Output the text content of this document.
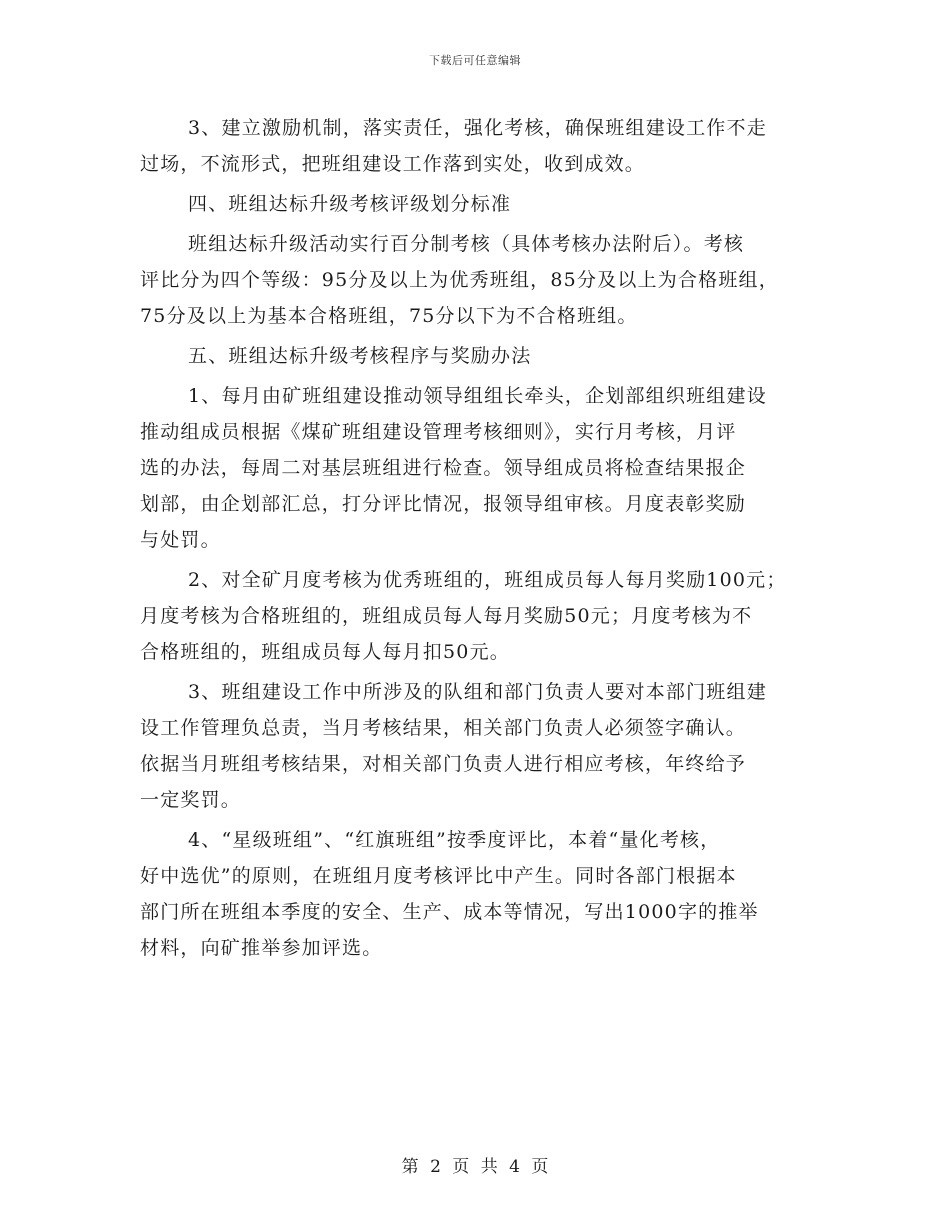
下载后可任意编辑

3、建立激励机制，落实责任，强化考核，确保班组建设工作不走
过场，不流形式，把班组建设工作落到实处，收到成效。

四、班组达标升级考核评级划分标准

班组达标升级活动实行百分制考核（具体考核办法附后）。考核
评比分为四个等级：95分及以上为优秀班组，85分及以上为合格班组，
75分及以上为基本合格班组，75分以下为不合格班组。

五、班组达标升级考核程序与奖励办法

1、每月由矿班组建设推动领导组组长牵头，企划部组织班组建设
推动组成员根据《煤矿班组建设管理考核细则》，实行月考核，月评
选的办法，每周二对基层班组进行检查。领导组成员将检查结果报企
划部，由企划部汇总，打分评比情况，报领导组审核。月度表彰奖励
与处罚。

2、对全矿月度考核为优秀班组的，班组成员每人每月奖励100元；
月度考核为合格班组的，班组成员每人每月奖励50元；月度考核为不
合格班组的，班组成员每人每月扣50元。

3、班组建设工作中所涉及的队组和部门负责人要对本部门班组建
设工作管理负总责，当月考核结果，相关部门负责人必须签字确认。
依据当月班组考核结果，对相关部门负责人进行相应考核，年终给予
一定奖罚。

4、“星级班组”、“红旗班组”按季度评比，本着“量化考核，
好中选优”的原则，在班组月度考核评比中产生。同时各部门根据本
部门所在班组本季度的安全、生产、成本等情况，写出1000字的推举
材料，向矿推举参加评选。

第 2 页 共 4 页
